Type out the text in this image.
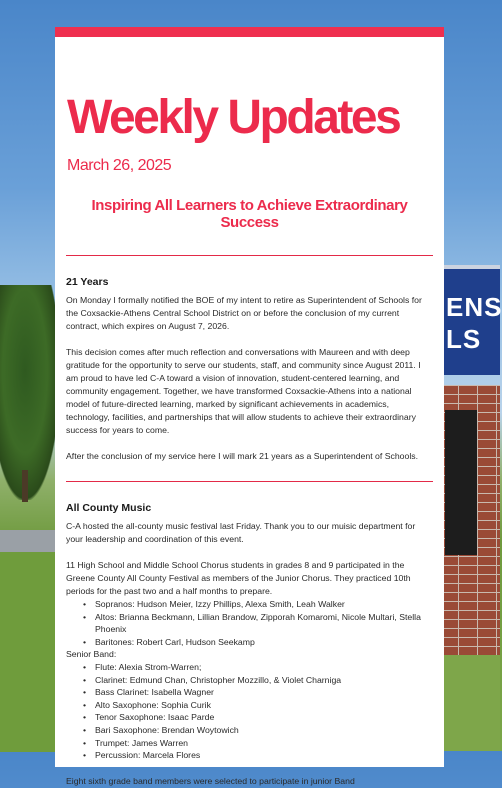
ENS
LS
Weekly Updates
March 26, 2025
Inspiring All Learners to Achieve Extraordinary Success
21 Years

On Monday I formally notified the BOE of my intent to retire as Superintendent of Schools for the Coxsackie-Athens Central School District on or before the conclusion of my current contract, which expires on August 7, 2026.

This decision comes after much reflection and conversations with Maureen and with deep gratitude for the opportunity to serve our students, staff, and community since August 2011. I am proud to have led C-A toward a vision of innovation, student-centered learning, and community engagement. Together, we have transformed Coxsackie-Athens into a national model of future-directed learning, marked by significant achievements in academics, technology, facilities, and partnerships that will allow students to achieve their extraordinary success for years to come.

After the conclusion of my service here I will mark 21 years as a Superintendent of Schools.

All County Music

C-A hosted the all-county music festival last Friday. Thank you to our muisic department for your leadership and coordination of this event.

11 High School and Middle School Chorus students in grades 8 and 9 participated in the Greene County All County Festival as members of the Junior Chorus. They practiced 10th periods for the past two and a half months to prepare.

• Sopranos: Hudson Meier, Izzy Phillips, Alexa Smith, Leah Walker
• Altos: Brianna Beckmann, Lillian Brandow, Zipporah Komaromi, Nicole Multari, Stella Phoenix
• Baritones: Robert Carl, Hudson Seekamp
Senior Band:
• Flute: Alexia Strom-Warren;
• Clarinet: Edmund Chan, Christopher Mozzillo, & Violet Charniga
• Bass Clarinet: Isabella Wagner
• Alto Saxophone: Sophia Curik
• Tenor Saxophone: Isaac Parde
• Bari Saxophone: Brendan Woytowich
• Trumpet: James Warren
• Percussion: Marcela Flores

Eight sixth grade band members were selected to participate in junior Band
